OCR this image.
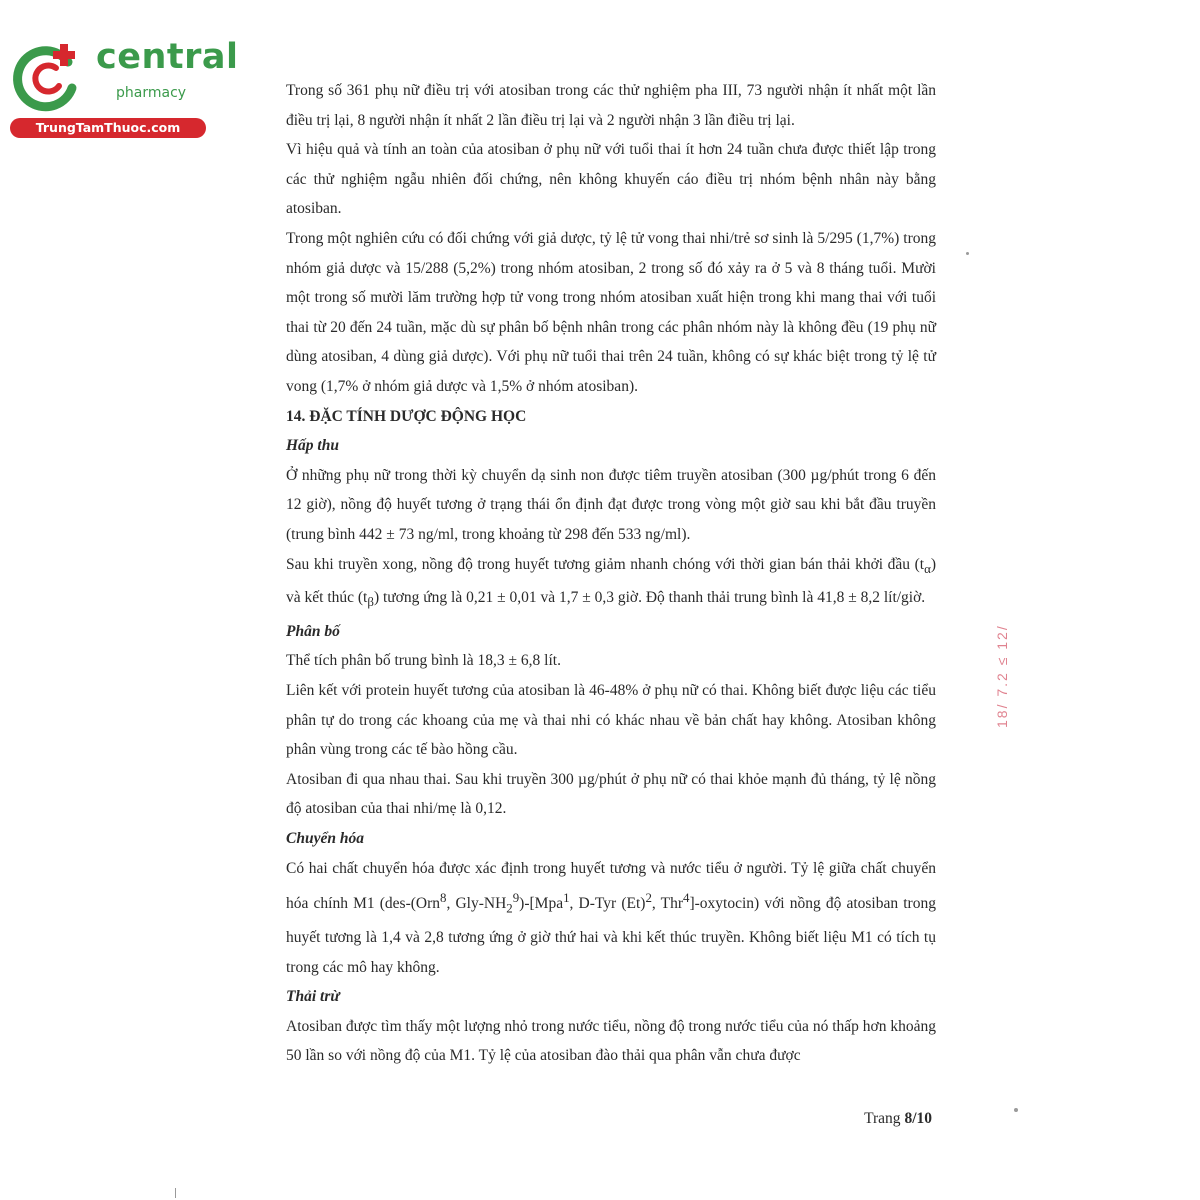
central
pharmacy
TrungTamThuoc.com

Trong số 361 phụ nữ điều trị với atosiban trong các thử nghiệm pha III, 73 người nhận ít nhất một lần điều trị lại, 8 người nhận ít nhất 2 lần điều trị lại và 2 người nhận 3 lần điều trị lại.

Vì hiệu quả và tính an toàn của atosiban ở phụ nữ với tuổi thai ít hơn 24 tuần chưa được thiết lập trong các thử nghiệm ngẫu nhiên đối chứng, nên không khuyến cáo điều trị nhóm bệnh nhân này bằng atosiban.

Trong một nghiên cứu có đối chứng với giả dược, tỷ lệ tử vong thai nhi/trẻ sơ sinh là 5/295 (1,7%) trong nhóm giả dược và 15/288 (5,2%) trong nhóm atosiban, 2 trong số đó xảy ra ở 5 và 8 tháng tuổi. Mười một trong số mười lăm trường hợp tử vong trong nhóm atosiban xuất hiện trong khi mang thai với tuổi thai từ 20 đến 24 tuần, mặc dù sự phân bố bệnh nhân trong các phân nhóm này là không đều (19 phụ nữ dùng atosiban, 4 dùng giả dược). Với phụ nữ tuổi thai trên 24 tuần, không có sự khác biệt trong tỷ lệ tử vong (1,7% ở nhóm giả dược và 1,5% ở nhóm atosiban).

14. ĐẶC TÍNH DƯỢC ĐỘNG HỌC

Hấp thu

Ở những phụ nữ trong thời kỳ chuyển dạ sinh non được tiêm truyền atosiban (300 µg/phút trong 6 đến 12 giờ), nồng độ huyết tương ở trạng thái ổn định đạt được trong vòng một giờ sau khi bắt đầu truyền (trung bình 442 ± 73 ng/ml, trong khoảng từ 298 đến 533 ng/ml).

Sau khi truyền xong, nồng độ trong huyết tương giảm nhanh chóng với thời gian bán thải khởi đầu $(t_\alpha)$ và kết thúc $(t_\beta)$ tương ứng là 0,21 ± 0,01 và 1,7 ± 0,3 giờ. Độ thanh thải trung bình là 41,8 ± 8,2 lít/giờ.

Phân bố

Thể tích phân bố trung bình là 18,3 ± 6,8 lít.

Liên kết với protein huyết tương của atosiban là 46-48% ở phụ nữ có thai. Không biết được liệu các tiểu phân tự do trong các khoang của mẹ và thai nhi có khác nhau về bản chất hay không. Atosiban không phân vùng trong các tế bào hồng cầu.

Atosiban đi qua nhau thai. Sau khi truyền 300 µg/phút ở phụ nữ có thai khỏe mạnh đủ tháng, tỷ lệ nồng độ atosiban của thai nhi/mẹ là 0,12.

Chuyển hóa

Có hai chất chuyển hóa được xác định trong huyết tương và nước tiểu ở người. Tỷ lệ giữa chất chuyển hóa chính M1 (des-(Orn$^8$, Gly-$NH_2^9)-[Mpa^1$, D-Tyr $(Et)^2$, Thr$^4$]-oxytocin) với nồng độ atosiban trong huyết tương là 1,4 và 2,8 tương ứng ở giờ thứ hai và khi kết thúc truyền. Không biết liệu M1 có tích tụ trong các mô hay không.

Thải trừ

Atosiban được tìm thấy một lượng nhỏ trong nước tiểu, nồng độ trong nước tiểu của nó thấp hơn khoảng 50 lần so với nồng độ của M1. Tỷ lệ của atosiban đào thải qua phân vẫn chưa được

Trang 8/10
18/ 7.2 ≤ 12/
